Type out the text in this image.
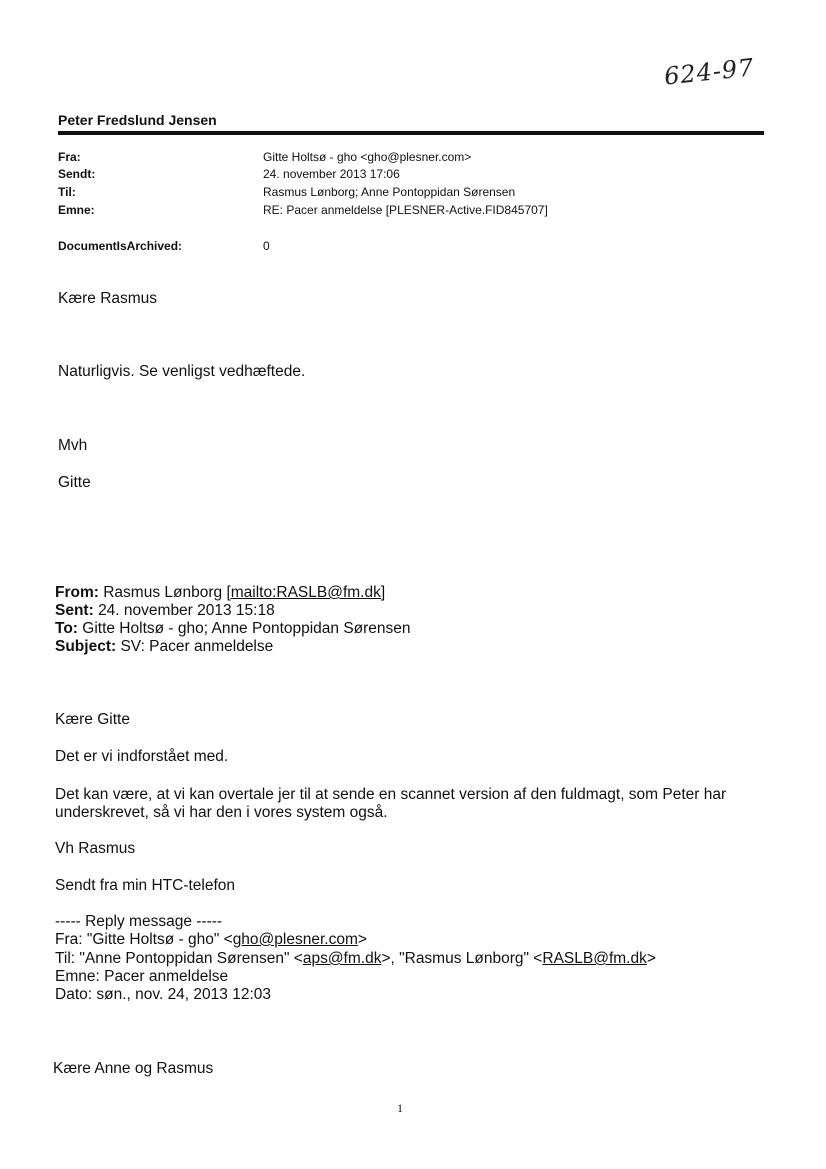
624-97
Peter Fredslund Jensen
Fra:	Gitte Holtsø - gho <gho@plesner.com>
Sendt:	24. november 2013 17:06
Til:	Rasmus Lønborg; Anne Pontoppidan Sørensen
Emne:	RE: Pacer anmeldelse [PLESNER-Active.FID845707]
DocumentIsArchived:	0
Kære Rasmus
Naturligvis. Se venligst vedhæftede.
Mvh
Gitte
From: Rasmus Lønborg [mailto:RASLB@fm.dk]
Sent: 24. november 2013 15:18
To: Gitte Holtsø - gho; Anne Pontoppidan Sørensen
Subject: SV: Pacer anmeldelse
Kære Gitte
Det er vi indforstået med.
Det kan være, at vi kan overtale jer til at sende en scannet version af den fuldmagt, som Peter har
underskrevet, så vi har den i vores system også.
Vh Rasmus
Sendt fra min HTC-telefon
----- Reply message -----
Fra: "Gitte Holtsø - gho" <gho@plesner.com>
Til: "Anne Pontoppidan Sørensen" <aps@fm.dk>, "Rasmus Lønborg" <RASLB@fm.dk>
Emne: Pacer anmeldelse
Dato: søn., nov. 24, 2013 12:03
Kære Anne og Rasmus
1
